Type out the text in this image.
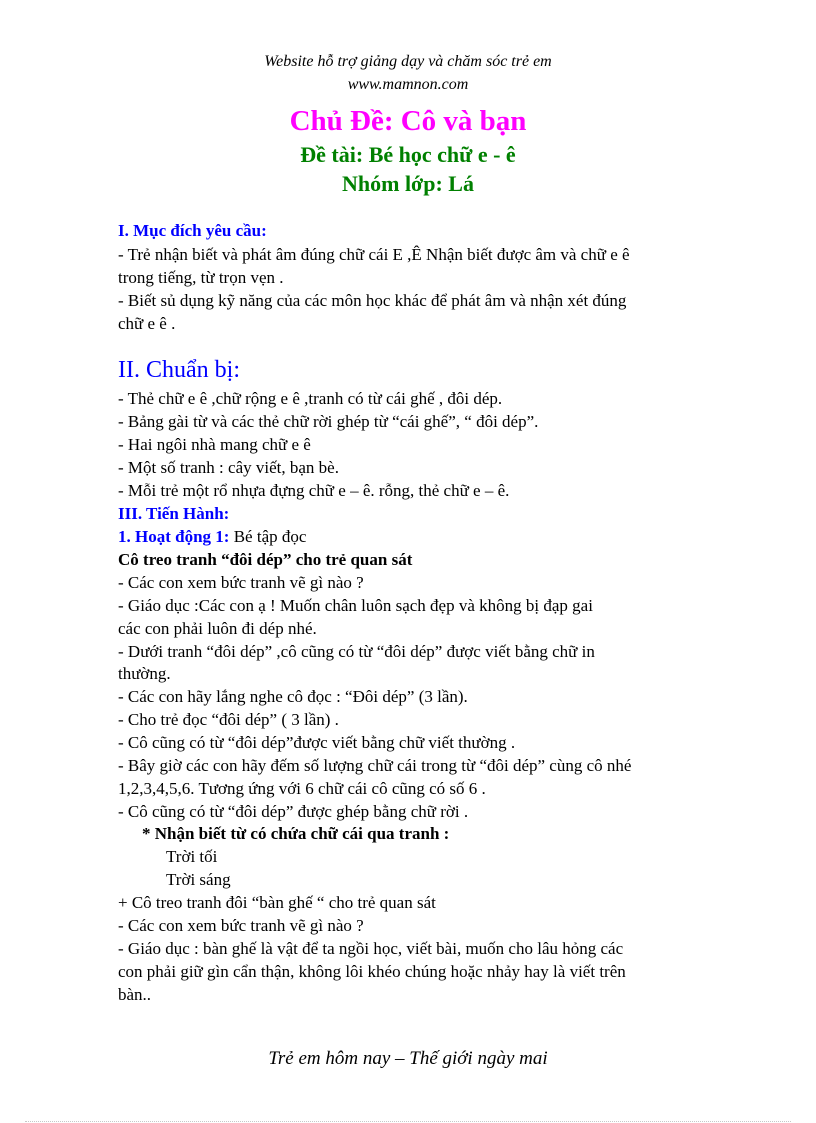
Website hỗ trợ giảng dạy và chăm sóc trẻ em
www.mamnon.com
Chủ Đề: Cô và bạn
Đề tài: Bé học chữ e - ê
Nhóm lớp: Lá
I. Mục đích yêu cầu:
- Trẻ nhận biết và phát âm đúng chữ cái E ,Ê Nhận biết được âm và chữ e ê
trong tiếng, từ trọn vẹn .
- Biết sủ dụng kỹ năng của các môn học khác để phát âm và nhận xét đúng
chữ e ê .
II. Chuẩn bị:
- Thẻ chữ e ê ,chữ rộng e ê ,tranh có từ cái ghế , đôi dép.
- Bảng gài từ và các thẻ chữ rời ghép từ “cái ghế”, “ đôi dép”.
- Hai ngôi nhà mang chữ e ê
- Một số tranh : cây viết, bạn bè.
- Mỗi trẻ một rổ nhựa đựng chữ e – ê. rỗng, thẻ chữ e – ê.
III. Tiến Hành:
1. Hoạt động 1: Bé tập đọc
Cô treo tranh “đôi dép” cho trẻ quan sát
- Các con xem bức tranh vẽ gì nào ?
- Giáo dục :Các con ạ ! Muốn chân luôn sạch đẹp và không bị đạp gai
các con phải luôn đi dép nhé.
- Dưới tranh “đôi dép” ,cô cũng có từ “đôi dép” được viết bằng chữ in
thường.
- Các con hãy lắng nghe cô đọc : “Đôi dép” (3 lần).
- Cho trẻ đọc “đôi dép” ( 3 lần) .
- Cô cũng có từ “đôi dép”được viết bằng chữ viết thường .
- Bây giờ các con hãy đếm số lượng chữ cái trong từ “đôi dép” cùng cô nhé
1,2,3,4,5,6. Tương ứng với 6 chữ cái cô cũng có số 6 .
- Cô cũng có từ “đôi dép” được ghép bằng chữ rời .
* Nhận biết từ có chứa chữ cái qua tranh :
Trời tối
Trời sáng
+ Cô treo tranh đôi “bàn ghế “ cho trẻ quan sát
- Các con xem bức tranh vẽ gì nào ?
- Giáo dục : bàn ghế là vật để ta ngồi học, viết bài, muốn cho lâu hỏng các
con phải giữ gìn cẩn thận, không lôi khéo chúng hoặc nhảy hay là viết trên
bàn..
Trẻ em hôm nay – Thế giới ngày mai
